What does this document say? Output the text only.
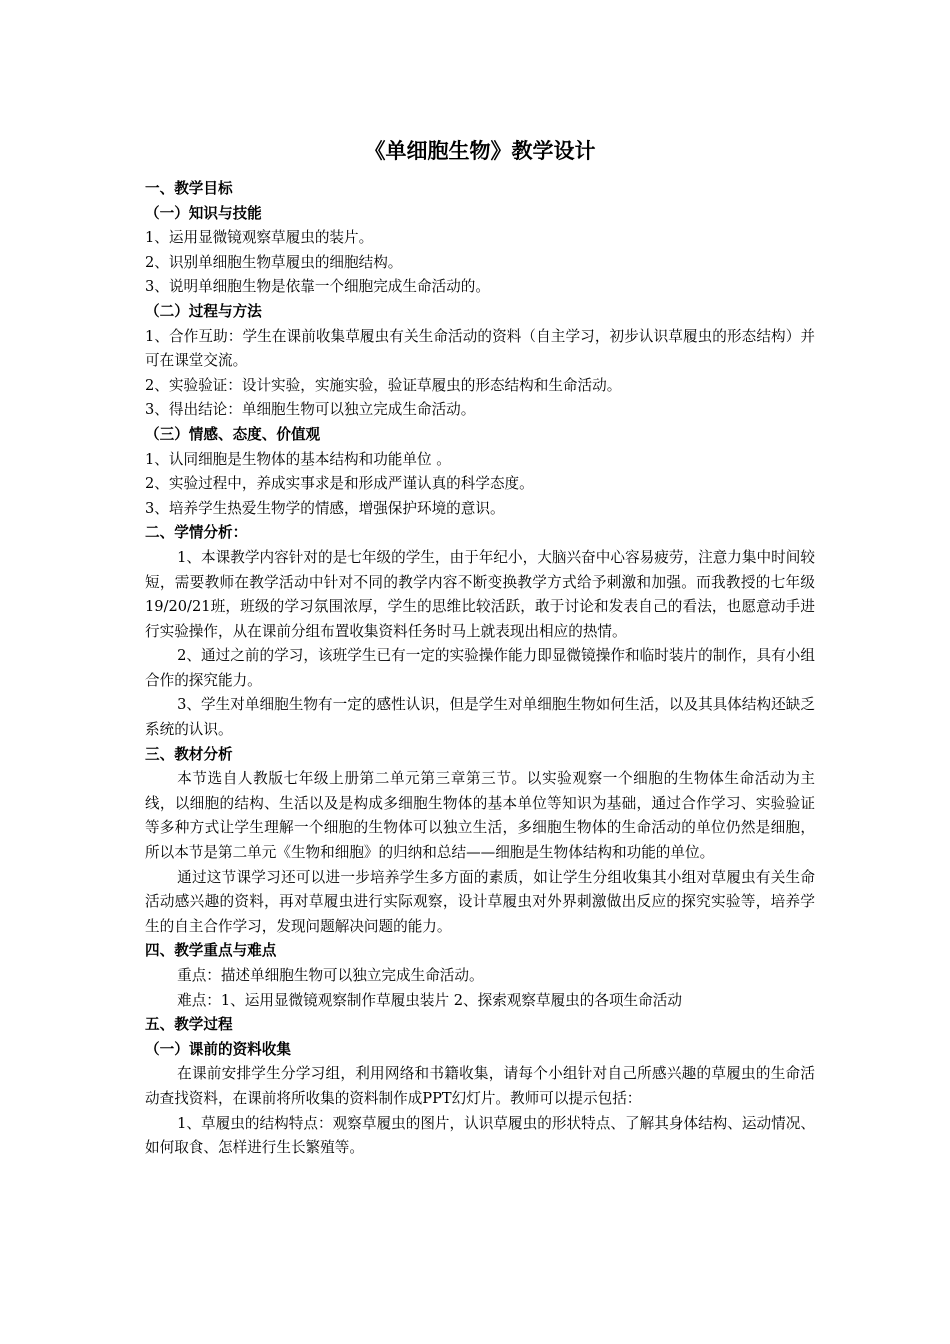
《单细胞生物》教学设计
一、教学目标
（一）知识与技能
1、运用显微镜观察草履虫的装片。
2、识别单细胞生物草履虫的细胞结构。
3、说明单细胞生物是依靠一个细胞完成生命活动的。
（二）过程与方法
1、合作互助：学生在课前收集草履虫有关生命活动的资料（自主学习，初步认识草履虫的形态结构）并可在课堂交流。
2、实验验证：设计实验，实施实验，验证草履虫的形态结构和生命活动。
3、得出结论：单细胞生物可以独立完成生命活动。
（三）情感、态度、价值观
1、认同细胞是生物体的基本结构和功能单位 。
2、实验过程中，养成实事求是和形成严谨认真的科学态度。
3、培养学生热爱生物学的情感，增强保护环境的意识。
二、学情分析：
1、本课教学内容针对的是七年级的学生，由于年纪小，大脑兴奋中心容易疲劳，注意力集中时间较短，需要教师在教学活动中针对不同的教学内容不断变换教学方式给予刺激和加强。而我教授的七年级19/20/21班，班级的学习氛围浓厚，学生的思维比较活跃，敢于讨论和发表自己的看法，也愿意动手进行实验操作，从在课前分组布置收集资料任务时马上就表现出相应的热情。
2、通过之前的学习，该班学生已有一定的实验操作能力即显微镜操作和临时装片的制作，具有小组合作的探究能力。
3、学生对单细胞生物有一定的感性认识，但是学生对单细胞生物如何生活，以及其具体结构还缺乏系统的认识。
三、教材分析
本节选自人教版七年级上册第二单元第三章第三节。以实验观察一个细胞的生物体生命活动为主线，以细胞的结构、生活以及是构成多细胞生物体的基本单位等知识为基础，通过合作学习、实验验证等多种方式让学生理解一个细胞的生物体可以独立生活，多细胞生物体的生命活动的单位仍然是细胞，所以本节是第二单元《生物和细胞》的归纳和总结——细胞是生物体结构和功能的单位。
通过这节课学习还可以进一步培养学生多方面的素质，如让学生分组收集其小组对草履虫有关生命活动感兴趣的资料，再对草履虫进行实际观察，设计草履虫对外界刺激做出反应的探究实验等，培养学生的自主合作学习，发现问题解决问题的能力。
四、教学重点与难点
重点：描述单细胞生物可以独立完成生命活动。
难点：1、运用显微镜观察制作草履虫装片 2、探索观察草履虫的各项生命活动
五、教学过程
（一）课前的资料收集
在课前安排学生分学习组，利用网络和书籍收集，请每个小组针对自己所感兴趣的草履虫的生命活动查找资料，在课前将所收集的资料制作成PPT幻灯片。教师可以提示包括：
1、草履虫的结构特点：观察草履虫的图片，认识草履虫的形状特点、了解其身体结构、运动情况、如何取食、怎样进行生长繁殖等。
